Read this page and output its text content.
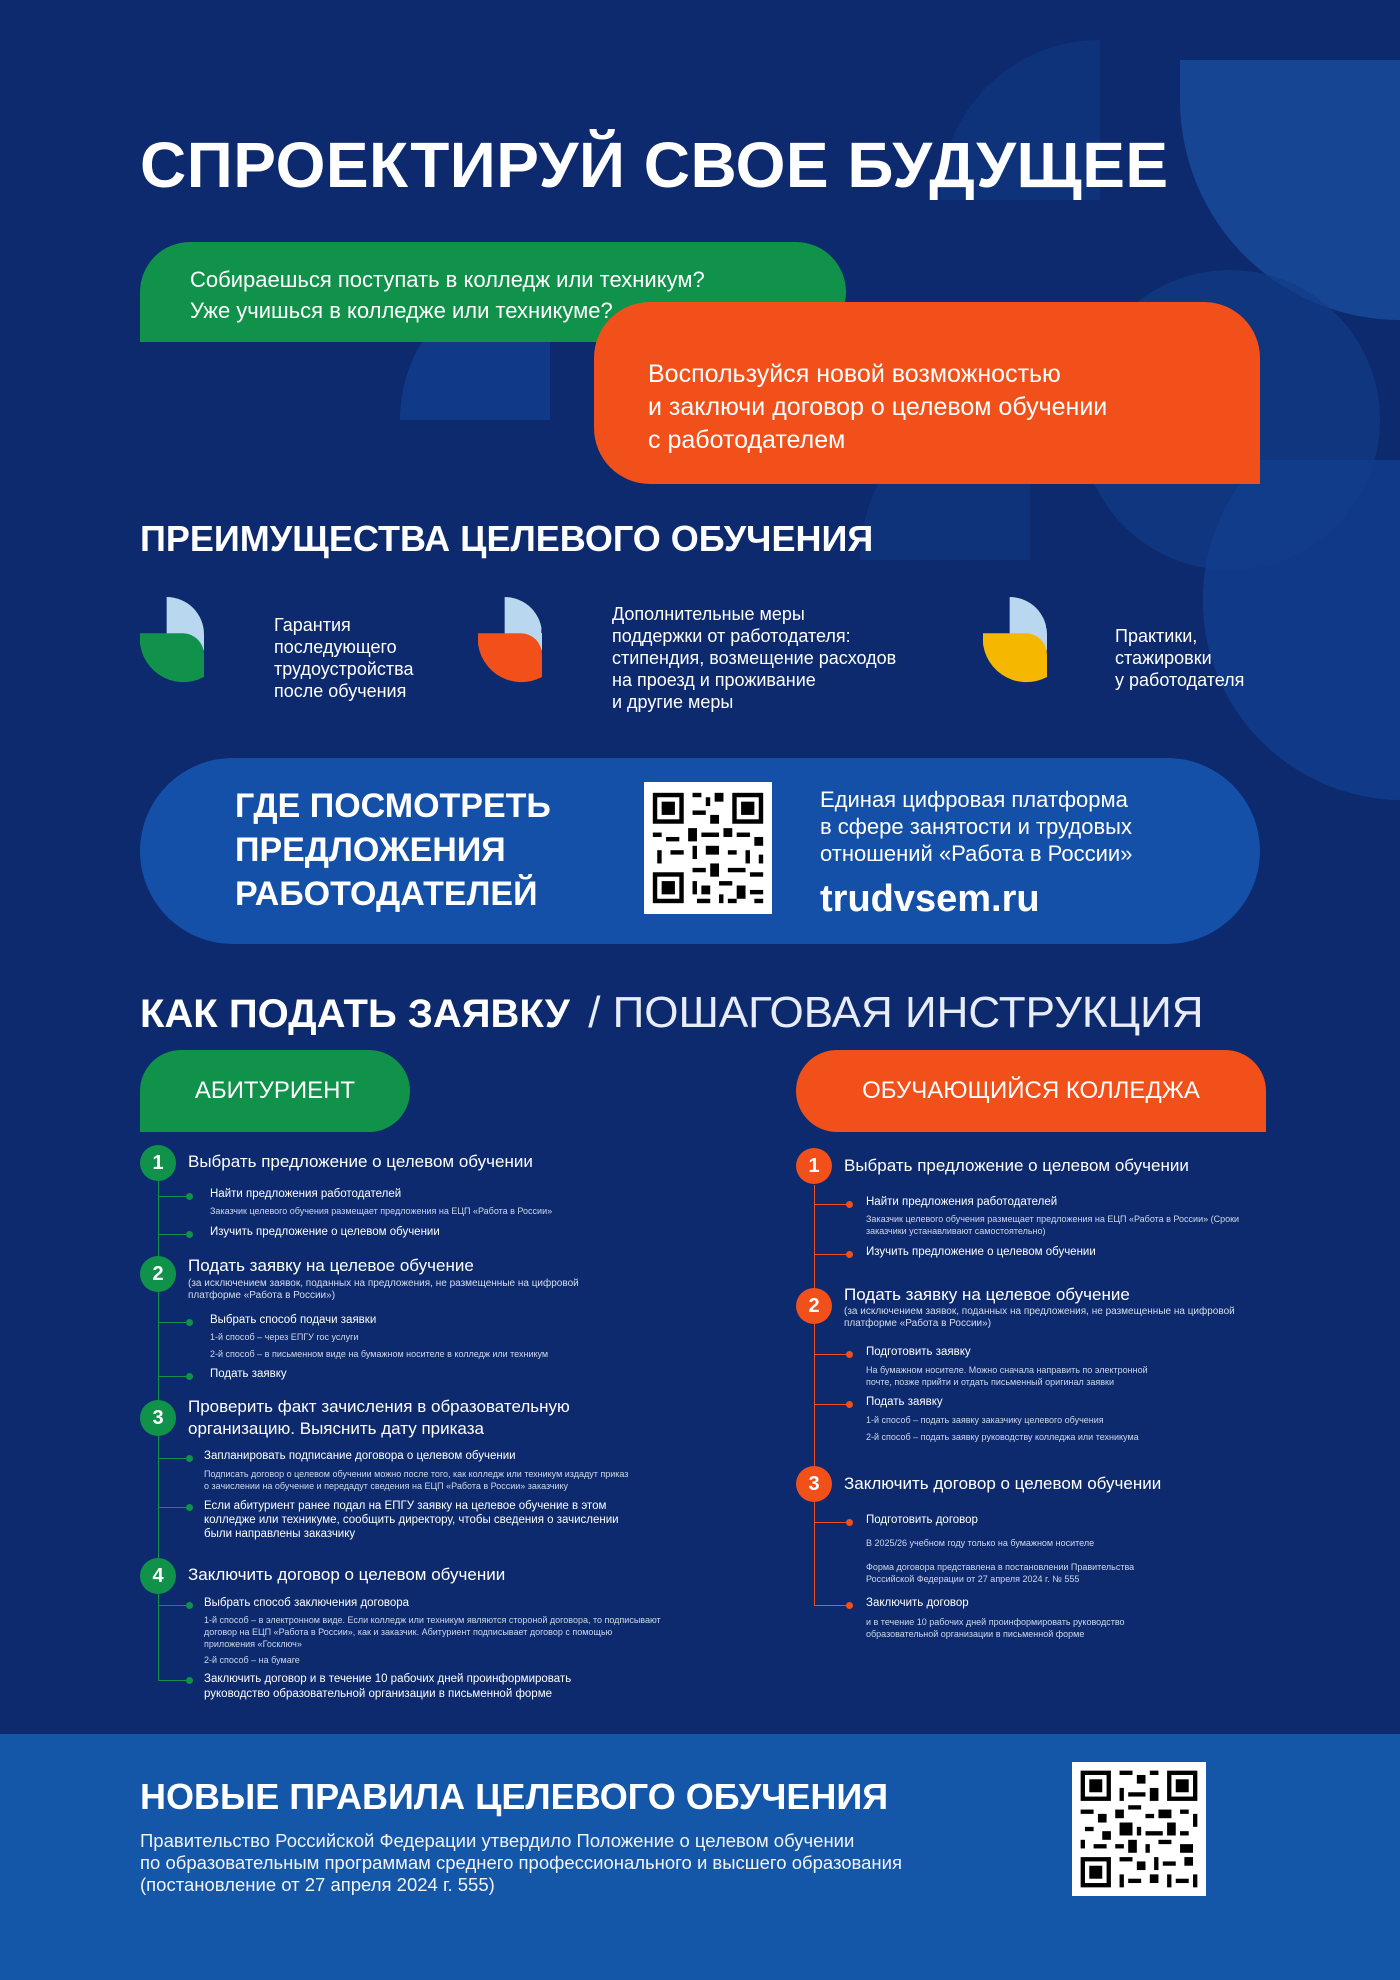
СПРОЕКТИРУЙ СВОЕ БУДУЩЕЕ
Собираешься поступать в колледж или техникум?
Уже учишься в колледже или техникуме?
Воспользуйся новой возможностью
и заключи договор о целевом обучении
с работодателем
ПРЕИМУЩЕСТВА ЦЕЛЕВОГО ОБУЧЕНИЯ
1	Гарантия
последующего
трудоустройства
после обучения
2	Дополнительные меры
поддержки от работодателя:
стипендия, возмещение расходов
на проезд и проживание
и другие меры
3	Практики,
стажировки
у работодателя
ГДЕ ПОСМОТРЕТЬ
ПРЕДЛОЖЕНИЯ
РАБОТОДАТЕЛЕЙ
Единая цифровая платформа
в сфере занятости и трудовых
отношений «Работа в России»
trudvsem.ru
КАК ПОДАТЬ ЗАЯВКУ / ПОШАГОВАЯ ИНСТРУКЦИЯ
АБИТУРИЕНТ	ОБУЧАЮЩИЙСЯ КОЛЛЕДЖА
1	Выбрать предложение о целевом обучении
Найти предложения работодателей
Заказчик целевого обучения размещает предложения на ЕЦП «Работа в России»
Изучить предложение о целевом обучении
2	Подать заявку на целевое обучение
(за исключением заявок, поданных на предложения, не размещенные на цифровой
платформе «Работа в России»)
Выбрать способ подачи заявки
1-й способ – через ЕПГУ гос услуги
2-й способ – в письменном виде на бумажном носителе в колледж или техникум
Подать заявку
3	Проверить факт зачисления в образовательную
организацию. Выяснить дату приказа
Запланировать подписание договора о целевом обучении
Подписать договор о целевом обучении можно после того, как колледж или техникум издадут приказ
о зачислении на обучение и передадут сведения на ЕЦП «Работа в России» заказчику
Если абитуриент ранее подал на ЕПГУ заявку на целевое обучение в этом
колледже или техникуме, сообщить директору, чтобы сведения о зачислении
были направлены заказчику
4	Заключить договор о целевом обучении
Выбрать способ заключения договора
1-й способ – в электронном виде. Если колледж или техникум являются стороной договора, то подписывают
договор на ЕЦП «Работа в России», как и заказчик. Абитуриент подписывает договор с помощью
приложения «Госключ»
2-й способ – на бумаге
Заключить договор и в течение 10 рабочих дней проинформировать
руководство образовательной организации в письменной форме
1	Выбрать предложение о целевом обучении
Найти предложения работодателей
Заказчик целевого обучения размещает предложения на ЕЦП «Работа в России» (Сроки
заказчики устанавливают самостоятельно)
Изучить предложение о целевом обучении
2	Подать заявку на целевое обучение
(за исключением заявок, поданных на предложения, не размещенные на цифровой
платформе «Работа в России»)
Подготовить заявку
На бумажном носителе. Можно сначала направить по электронной
почте, позже прийти и отдать письменный оригинал заявки
Подать заявку
1-й способ – подать заявку заказчику целевого обучения
2-й способ – подать заявку руководству колледжа или техникума
3	Заключить договор о целевом обучении
Подготовить договор
В 2025/26 учебном году только на бумажном носителе
Форма договора представлена в постановлении Правительства
Российской Федерации от 27 апреля 2024 г. № 555
Заключить договор
и в течение 10 рабочих дней проинформировать руководство
образовательной организации в письменной форме
НОВЫЕ ПРАВИЛА ЦЕЛЕВОГО ОБУЧЕНИЯ
Правительство Российской Федерации утвердило Положение о целевом обучении
по образовательным программам среднего профессионального и высшего образования
(постановление от 27 апреля 2024 г. 555)
